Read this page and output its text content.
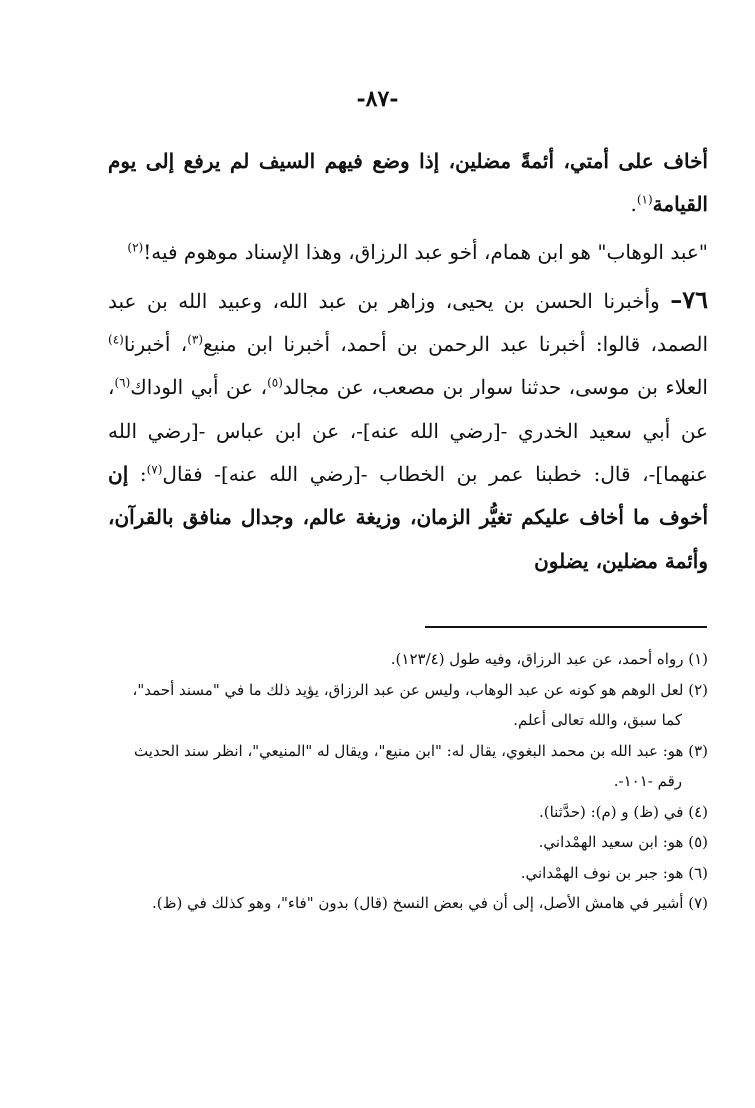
-٨٧-

أخاف على أمتي، أئمةً مضلين، إذا وضع فيهم السيف لم يرفع إلى يوم القيامة$^{(١)}$.

"عبد الوهاب" هو ابن همام، أخو عبد الرزاق، وهذا الإسناد موهوم فيه!$^{(٢)}$

٧٦– وأخبرنا الحسن بن يحيى، وزاهر بن عبد الله، وعبيد الله بن عبد الصمد، قالوا: أخبرنا عبد الرحمن بن أحمد، أخبرنا ابن منيع$^{(٣)}$، أخبرنا$^{(٤)}$ العلاء بن موسى، حدثنا سوار بن مصعب، عن مجالد$^{(٥)}$، عن أبي الوداك$^{(٦)}$، عن أبي سعيد الخدري -[رضي الله عنه]-، عن ابن عباس -[رضي الله عنهما]-، قال: خطبنا عمر بن الخطاب -[رضي الله عنه]- فقال$^{(٧)}$: إن أخوف ما أخاف عليكم تغيُّر الزمان، وزيغة عالم، وجدال منافق بالقرآن، وأئمة مضلين، يضلون

(١) رواه أحمد، عن عبد الرزاق، وفيه طول (١٢٣/٤).

(٢) لعل الوهم هو كونه عن عبد الوهاب، وليس عن عبد الرزاق، يؤيد ذلك ما في "مسند أحمد"،

كما سبق، والله تعالى أعلم.

(٣) هو: عبد الله بن محمد البغوي، يقال له: "ابن منيع"، ويقال له "المنيعي"، انظر سند الحديث

رقم -١٠١-.

(٤) في (ظ) و (م): (حدَّثنا).

(٥) هو: ابن سعيد الهمْداني.

(٦) هو: جبر بن نوف الهمْداني.

(٧) أشير في هامش الأصل، إلى أن في بعض النسخ (قال) بدون "فاء"، وهو كذلك في (ظ).
